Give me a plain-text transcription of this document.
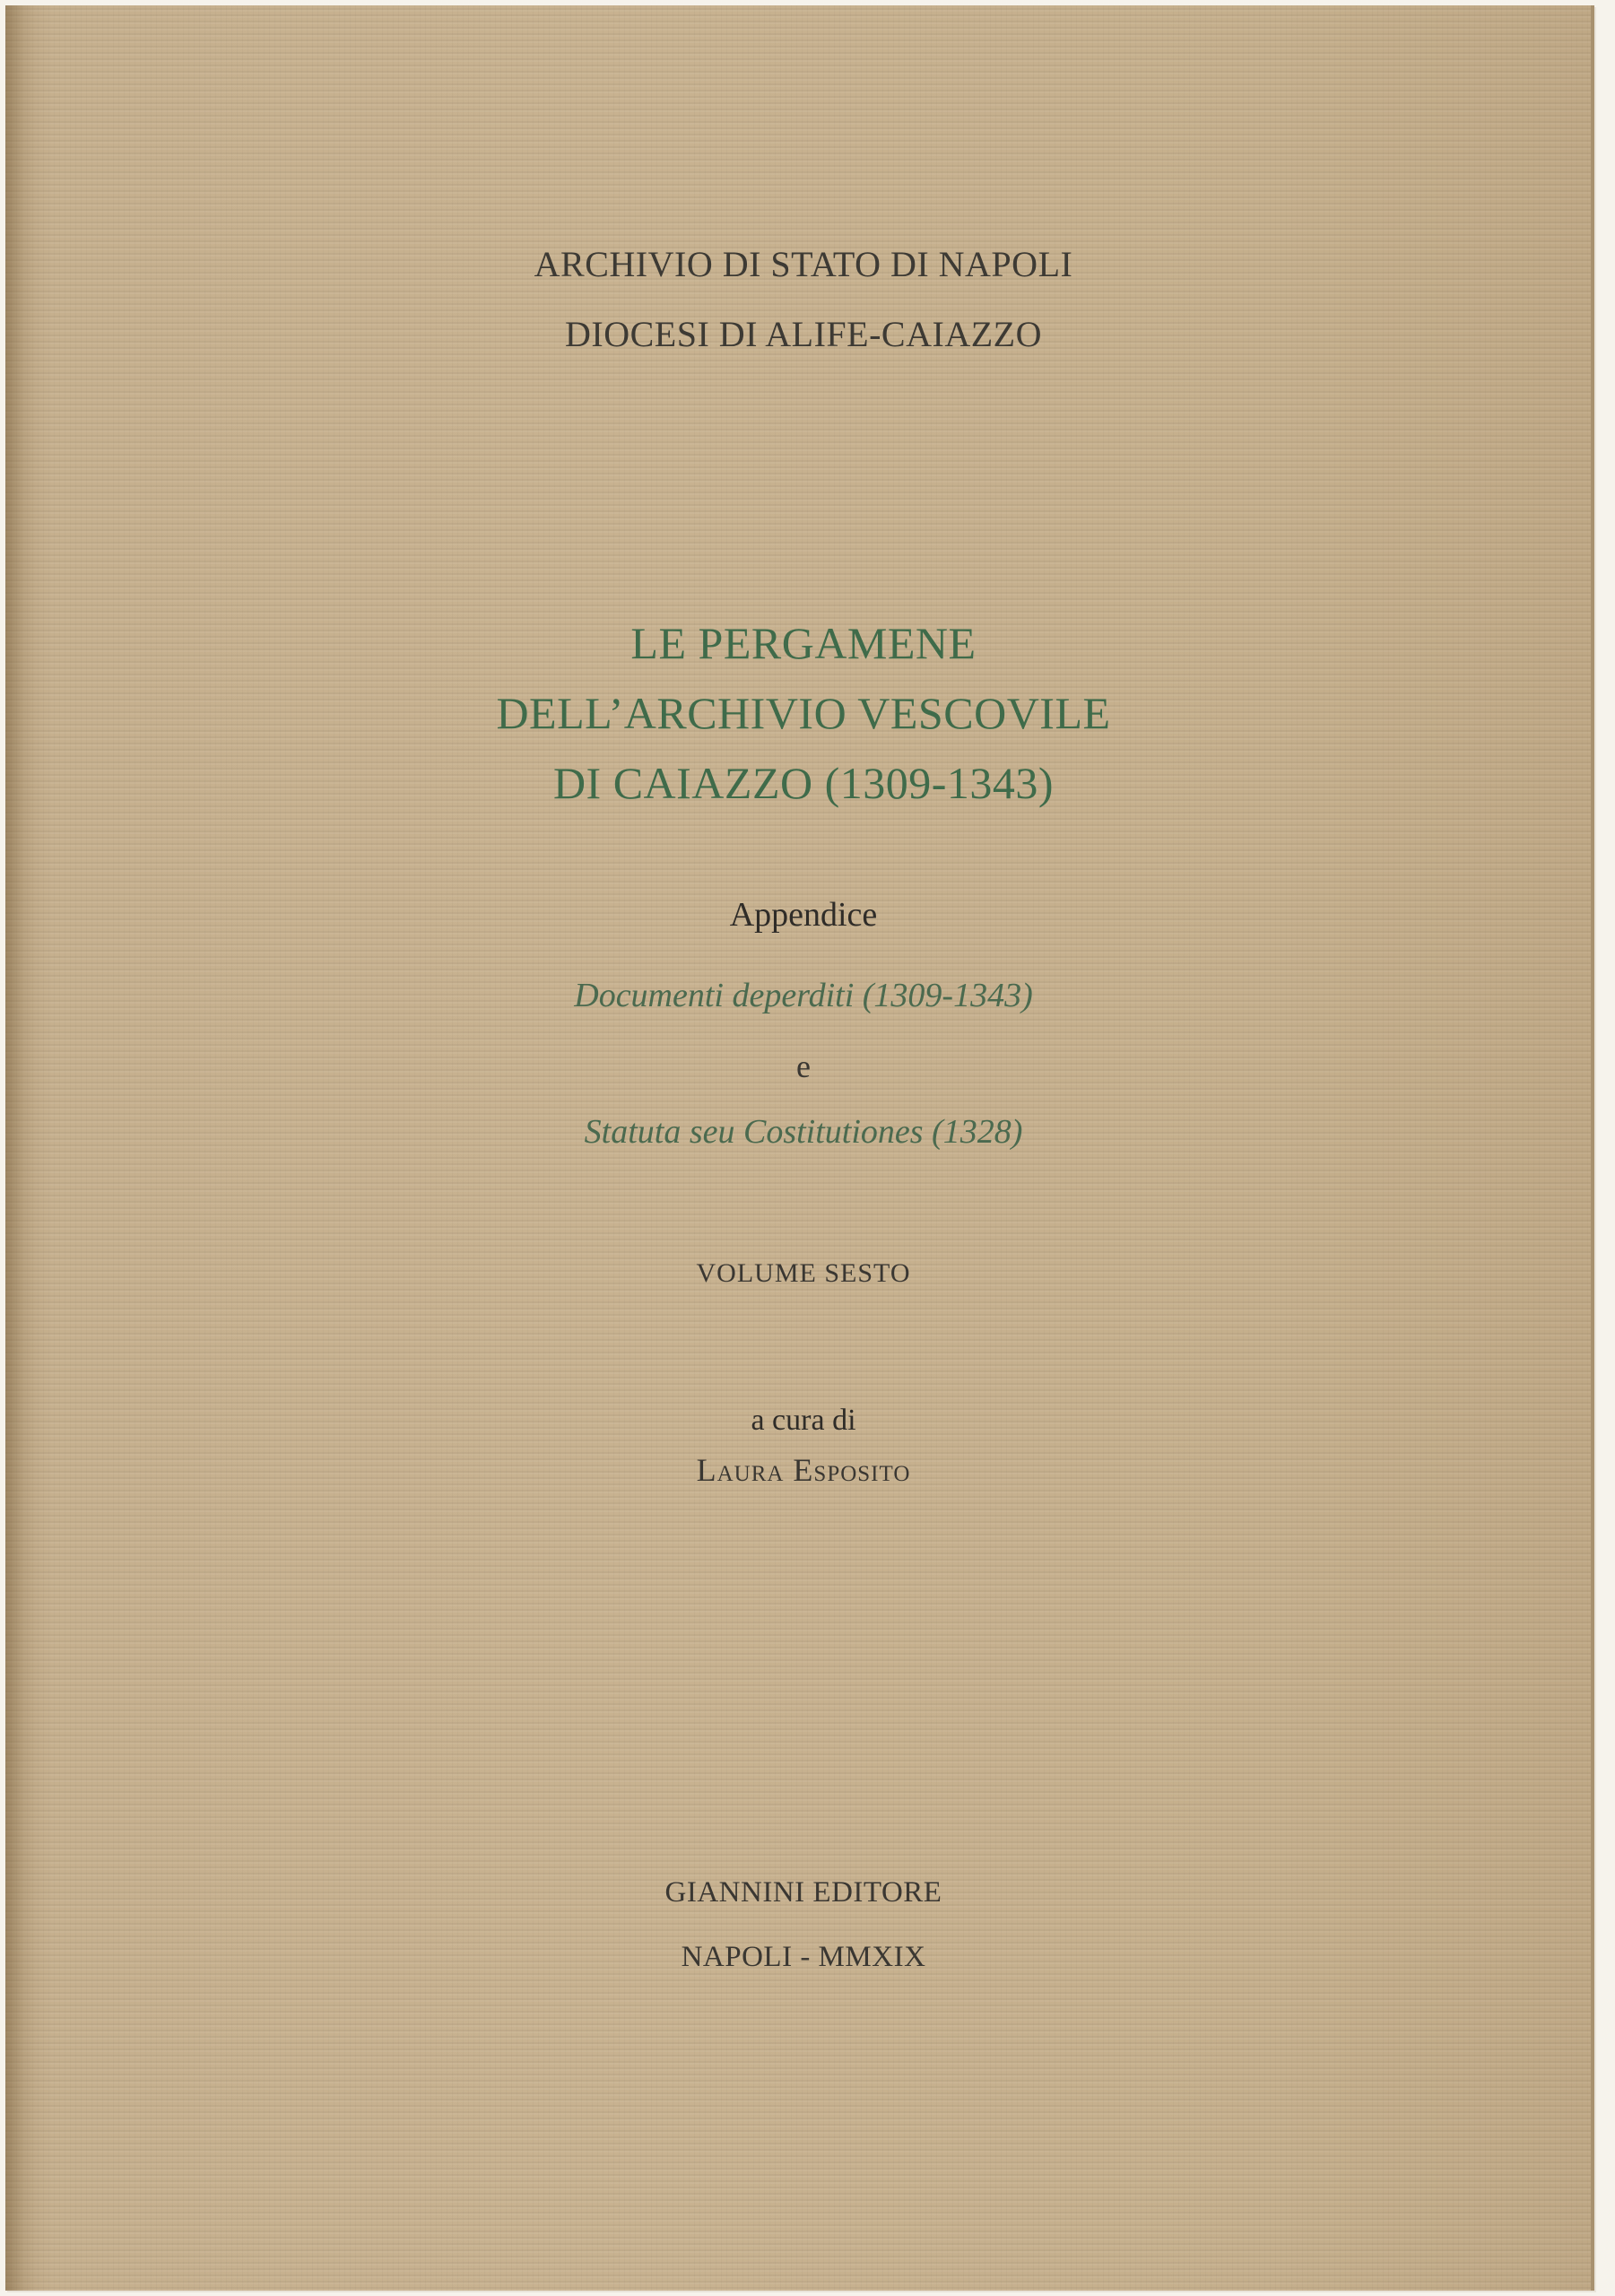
ARCHIVIO DI STATO DI NAPOLI
DIOCESI DI ALIFE-CAIAZZO
LE PERGAMENE
DELL’ARCHIVIO VESCOVILE
DI CAIAZZO (1309-1343)
Appendice
Documenti deperditi (1309-1343)
e
Statuta seu Costitutiones (1328)
VOLUME SESTO
a cura di
Laura Esposito
GIANNINI EDITORE
NAPOLI - MMXIX
